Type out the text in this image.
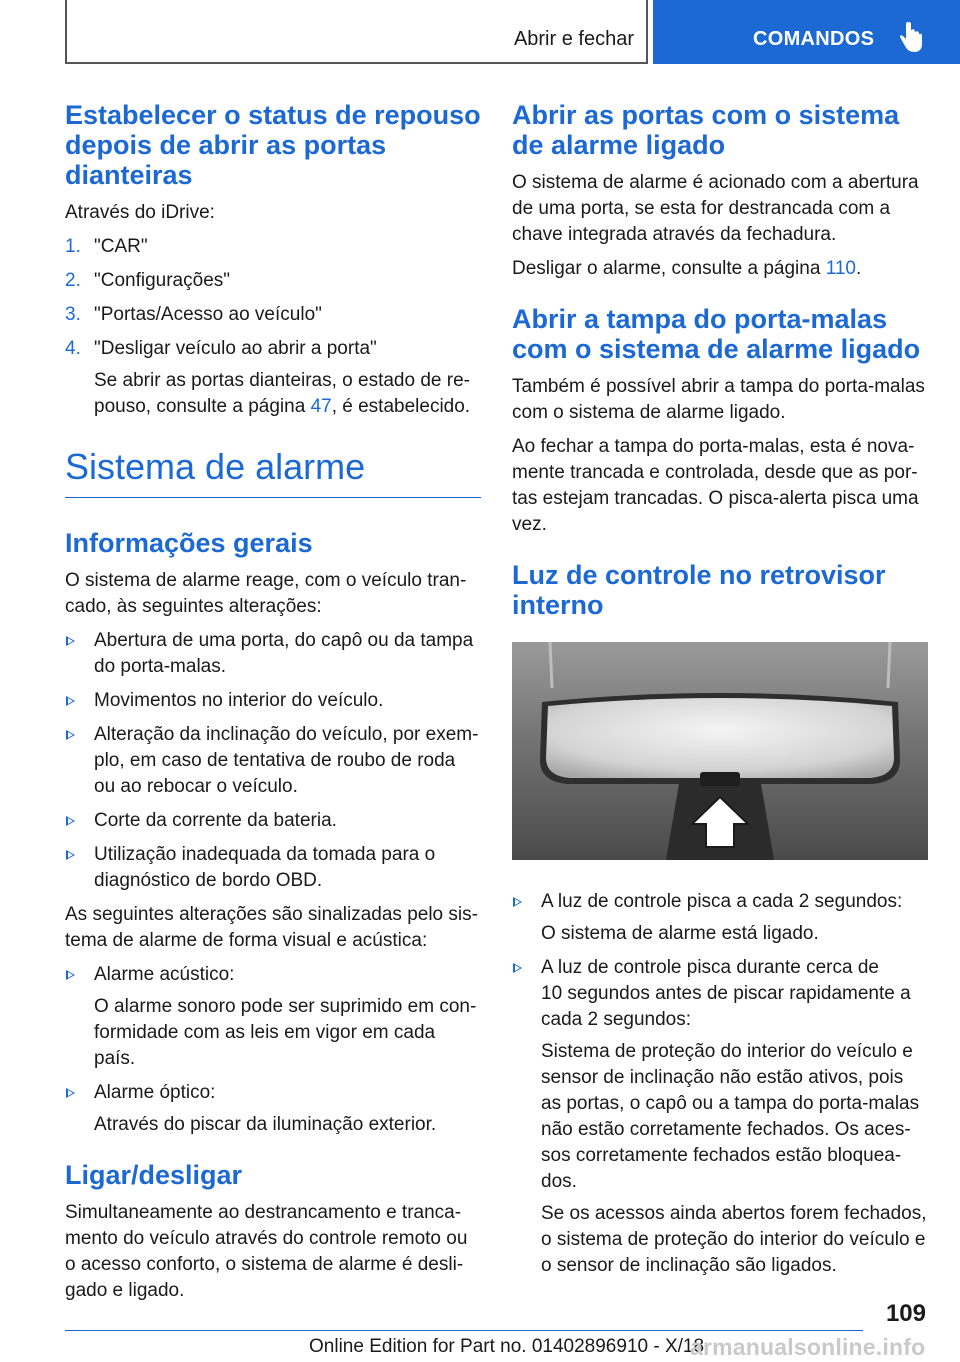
Abrir e fechar	COMANDOS
Estabelecer o status de repouso depois de abrir as portas dianteiras

Através do iDrive:

1. "CAR"
2. "Configurações"
3. "Portas/Acesso ao veículo"
4. "Desligar veículo ao abrir a porta"
Se abrir as portas dianteiras, o estado de repouso, consulte a página 47, é estabelecido.
Sistema de alarme
Informações gerais

O sistema de alarme reage, com o veículo trancado, às seguintes alterações:

Abertura de uma porta, do capô ou da tampa do porta-malas.
Movimentos no interior do veículo.
Alteração da inclinação do veículo, por exemplo, em caso de tentativa de roubo de roda ou ao rebocar o veículo.
Corte da corrente da bateria.
Utilização inadequada da tomada para o diagnóstico de bordo OBD.

As seguintes alterações são sinalizadas pelo sistema de alarme de forma visual e acústica:

Alarme acústico:
O alarme sonoro pode ser suprimido em conformidade com as leis em vigor em cada país.
Alarme óptico:
Através do piscar da iluminação exterior.
Ligar/desligar

Simultaneamente ao destrancamento e trancamento do veículo através do controle remoto ou o acesso conforto, o sistema de alarme é desligado e ligado.

Abrir as portas com o sistema de alarme ligado

O sistema de alarme é acionado com a abertura de uma porta, se esta for destrancada com a chave integrada através da fechadura.

Desligar o alarme, consulte a página 110.

Abrir a tampa do porta-malas com o sistema de alarme ligado

Também é possível abrir a tampa do porta-malas com o sistema de alarme ligado.

Ao fechar a tampa do porta-malas, esta é novamente trancada e controlada, desde que as portas estejam trancadas. O pisca-alerta pisca uma vez.

Luz de controle no retrovisor interno
A luz de controle pisca a cada 2 segundos:
O sistema de alarme está ligado.
A luz de controle pisca durante cerca de 10 segundos antes de piscar rapidamente a cada 2 segundos:
Sistema de proteção do interior do veículo e sensor de inclinação não estão ativos, pois as portas, o capô ou a tampa do porta-malas não estão corretamente fechados. Os acessos corretamente fechados estão bloqueados.
Se os acessos ainda abertos forem fechados, o sistema de proteção do interior do veículo e o sensor de inclinação são ligados.
109
Online Edition for Part no. 01402896910 - X/18
armanualsonline.info
